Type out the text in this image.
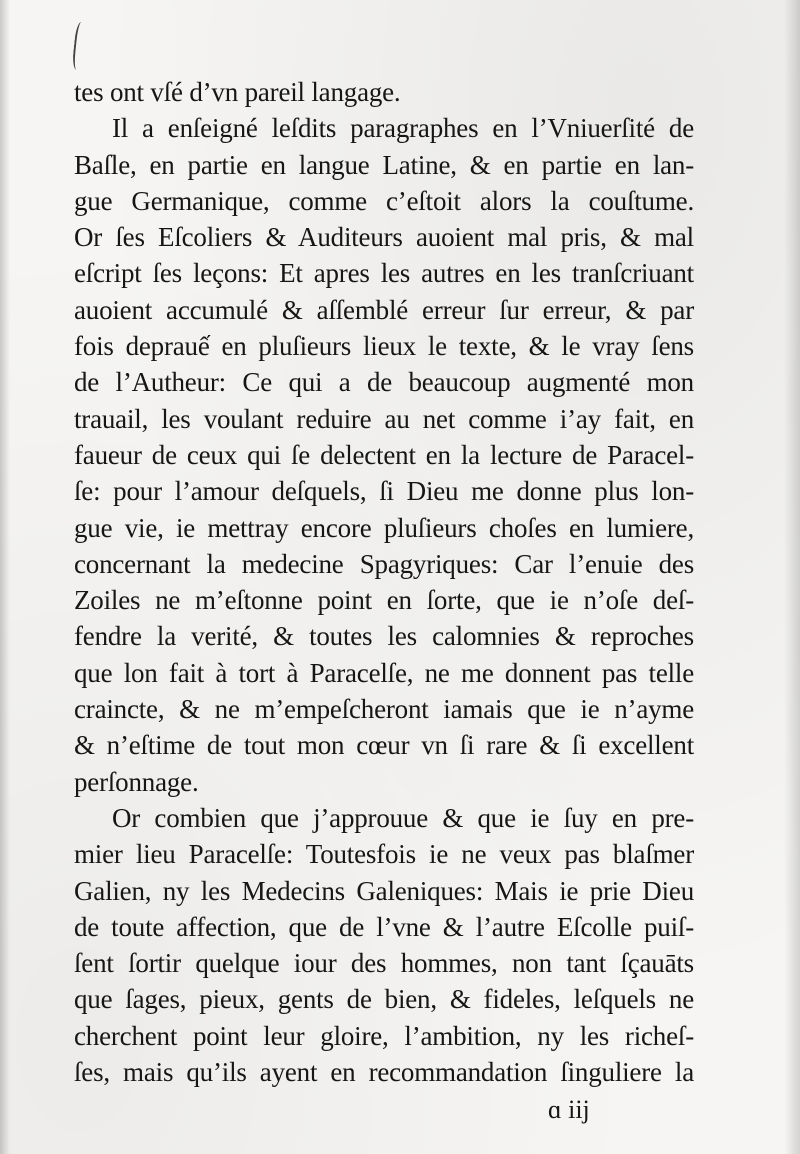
tes ont vſé d’vn pareil langage.
Il a enſeigné leſdits paragraphes en l’Vniuerſité de
Baſle, en partie en langue Latine, & en partie en lan-
gue Germanique, comme c’eſtoit alors la couſtume.
Or ſes Eſcoliers & Auditeurs auoient mal pris, & mal
eſcript ſes leçons: Et apres les autres en les tranſcriuant
auoient accumulé & aſſemblé erreur ſur erreur, & par
fois deprauế en pluſieurs lieux le texte, & le vray ſens
de l’Autheur: Ce qui a de beaucoup augmenté mon
trauail, les voulant reduire au net comme i’ay fait, en
faueur de ceux qui ſe delectent en la lecture de Paracel-
ſe: pour l’amour deſquels, ſi Dieu me donne plus lon-
gue vie, ie mettray encore pluſieurs choſes en lumiere,
concernant la medecine Spagyriques: Car l’enuie des
Zoiles ne m’eſtonne point en ſorte, que ie n’oſe deſ-
fendre la verité, & toutes les calomnies & reproches
que lon fait à tort à Paracelſe, ne me donnent pas telle
craincte, & ne m’empeſcheront iamais que ie n’ayme
& n’eſtime de tout mon cœur vn ſi rare & ſi excellent
perſonnage.
Or combien que j’approuue & que ie ſuy en pre-
mier lieu Paracelſe: Toutesfois ie ne veux pas blaſmer
Galien, ny les Medecins Galeniques: Mais ie prie Dieu
de toute affection, que de l’vne & l’autre Eſcolle puiſ-
ſent ſortir quelque iour des hommes, non tant ſçauāts
que ſages, pieux, gents de bien, & fideles, leſquels ne
cherchent point leur gloire, l’ambition, ny les richeſ-
ſes, mais qu’ils ayent en recommandation ſinguliere la
ɑ iij
